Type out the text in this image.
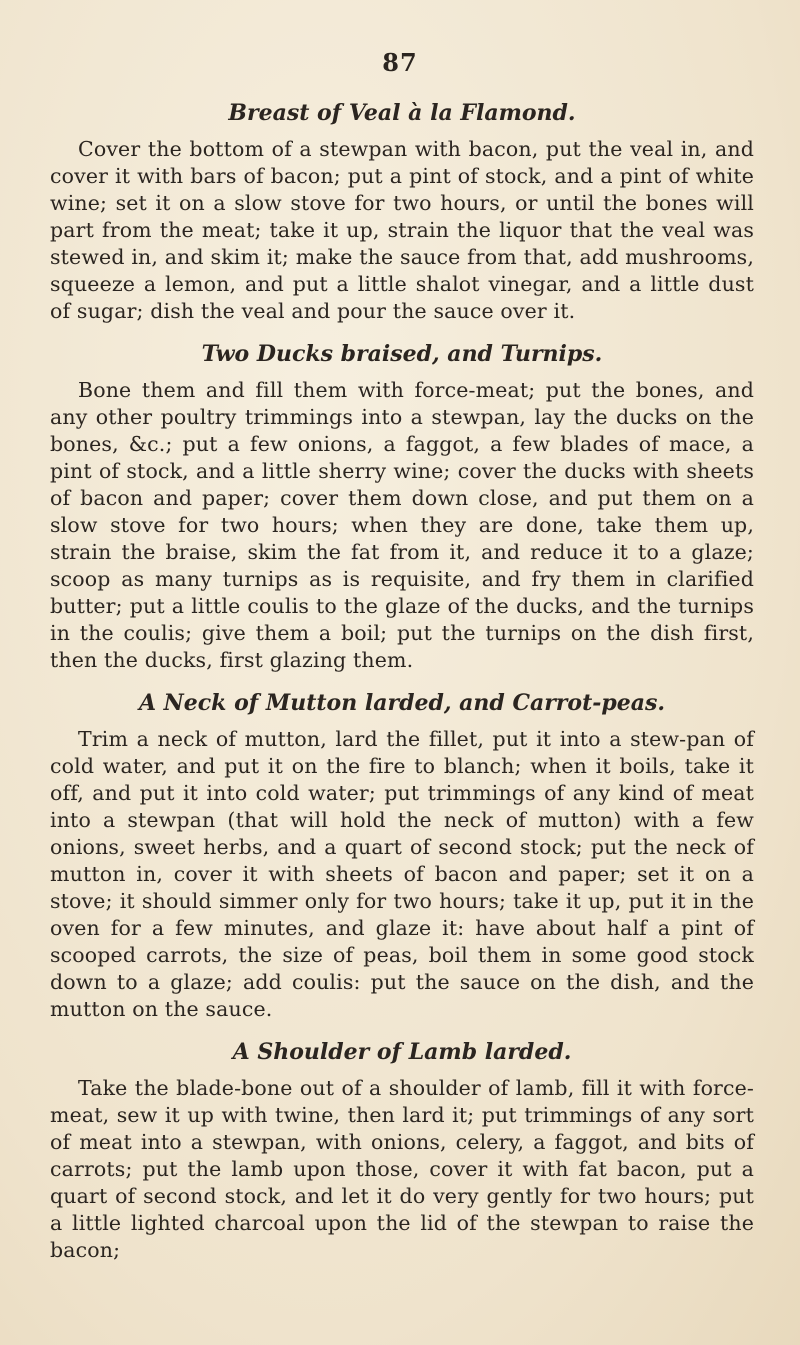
87
Breast of Veal à la Flamond.

Cover the bottom of a stewpan with bacon, put the veal in, and cover it with bars of bacon; put a pint of stock, and a pint of white wine; set it on a slow stove for two hours, or until the bones will part from the meat; take it up, strain the liquor that the veal was stewed in, and skim it; make the sauce from that, add mushrooms, squeeze a lemon, and put a little shalot vinegar, and a little dust of sugar; dish the veal and pour the sauce over it.

Two Ducks braised, and Turnips.

Bone them and fill them with force-meat; put the bones, and any other poultry trimmings into a stewpan, lay the ducks on the bones, &c.; put a few onions, a faggot, a few blades of mace, a pint of stock, and a little sherry wine; cover the ducks with sheets of bacon and paper; cover them down close, and put them on a slow stove for two hours; when they are done, take them up, strain the braise, skim the fat from it, and reduce it to a glaze; scoop as many turnips as is requisite, and fry them in clarified butter; put a little coulis to the glaze of the ducks, and the turnips in the coulis; give them a boil; put the turnips on the dish first, then the ducks, first glazing them.

A Neck of Mutton larded, and Carrot-peas.

Trim a neck of mutton, lard the fillet, put it into a stew-pan of cold water, and put it on the fire to blanch; when it boils, take it off, and put it into cold water; put trimmings of any kind of meat into a stewpan (that will hold the neck of mutton) with a few onions, sweet herbs, and a quart of second stock; put the neck of mutton in, cover it with sheets of bacon and paper; set it on a stove; it should simmer only for two hours; take it up, put it in the oven for a few minutes, and glaze it: have about half a pint of scooped carrots, the size of peas, boil them in some good stock down to a glaze; add coulis: put the sauce on the dish, and the mutton on the sauce.

A Shoulder of Lamb larded.

Take the blade-bone out of a shoulder of lamb, fill it with force-meat, sew it up with twine, then lard it; put trimmings of any sort of meat into a stewpan, with onions, celery, a faggot, and bits of carrots; put the lamb upon those, cover it with fat bacon, put a quart of second stock, and let it do very gently for two hours; put a little lighted charcoal upon the lid of the stewpan to raise the bacon;
